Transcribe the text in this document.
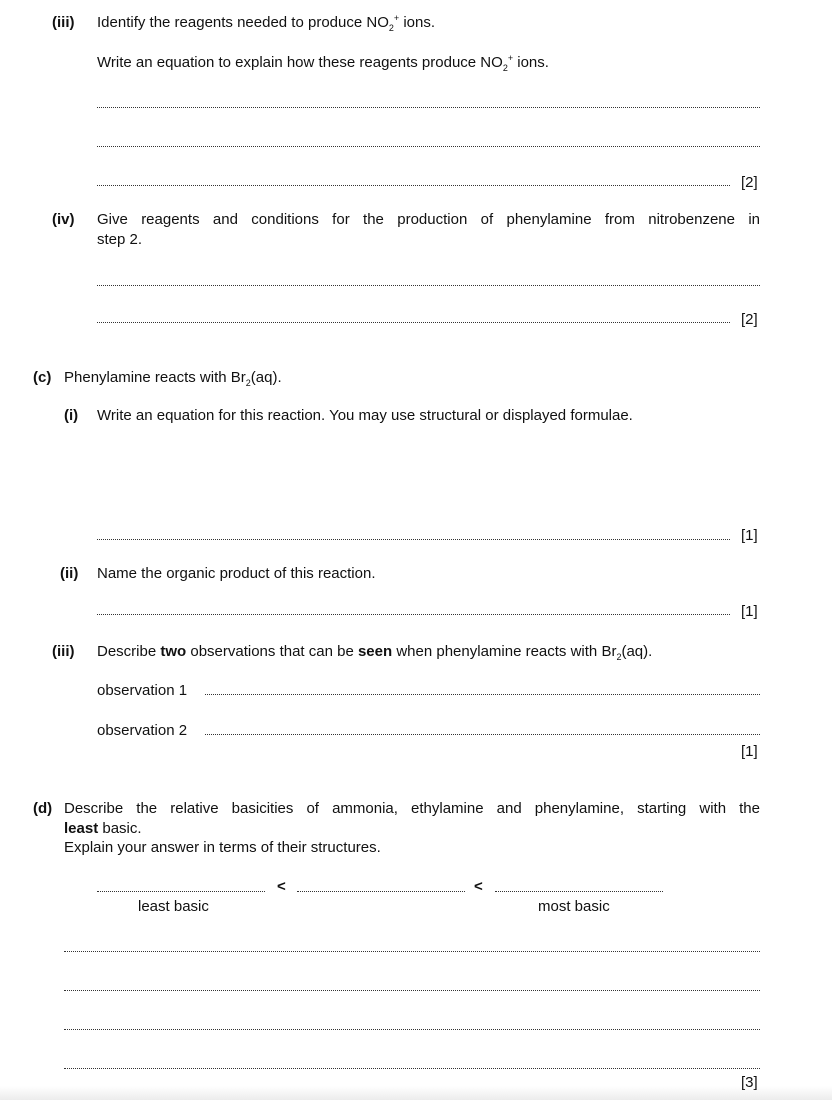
(iii) Identify the reagents needed to produce $NO_2^+$ ions.
Write an equation to explain how these reagents produce $NO_2^+$ ions.
[2]
(iv) Give reagents and conditions for the production of phenylamine from nitrobenzene in
step 2.
[2]
(c) Phenylamine reacts with $Br_2(aq)$.
(i) Write an equation for this reaction. You may use structural or displayed formulae.
[1]
(ii) Name the organic product of this reaction.
[1]
(iii) Describe two observations that can be seen when phenylamine reacts with $Br_2(aq)$.
observation 1
observation 2
[1]
(d) Describe the relative basicities of ammonia, ethylamine and phenylamine, starting with the
least basic.
Explain your answer in terms of their structures.
<	<
least basic	most basic
[3]
